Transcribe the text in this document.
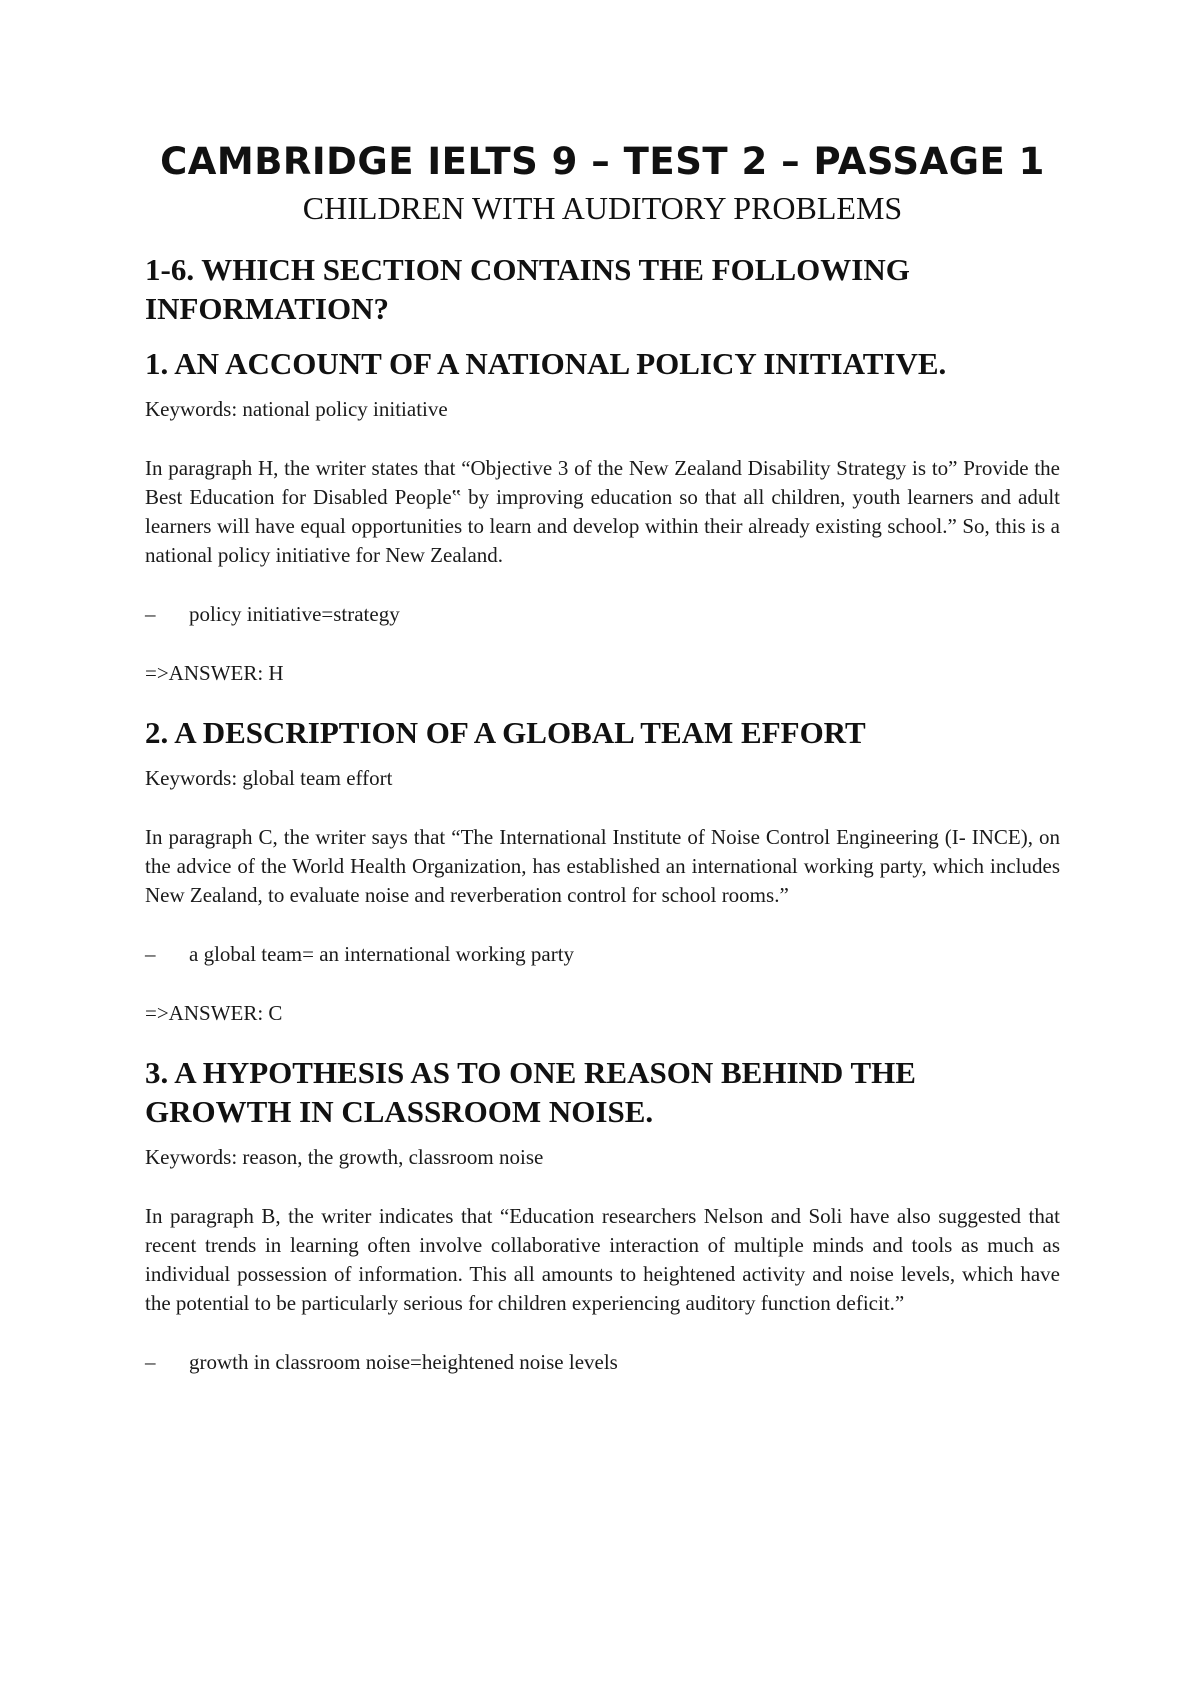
CAMBRIDGE IELTS 9 – TEST 2 – PASSAGE 1
CHILDREN WITH AUDITORY PROBLEMS
1-6. WHICH SECTION CONTAINS THE FOLLOWING INFORMATION?
1. AN ACCOUNT OF A NATIONAL POLICY INITIATIVE.

Keywords: national policy initiative

In paragraph H, the writer states that “Objective 3 of the New Zealand Disability Strategy is to” Provide the Best Education for Disabled People‟ by improving education so that all children, youth learners and adult learners will have equal opportunities to learn and develop within their already existing school.” So, this is a national policy initiative for New Zealand.

–	policy initiative=strategy

=>ANSWER: H

2. A DESCRIPTION OF A GLOBAL TEAM EFFORT

Keywords: global team effort

In paragraph C, the writer says that “The International Institute of Noise Control Engineering (I- INCE), on the advice of the World Health Organization, has established an international working party, which includes New Zealand, to evaluate noise and reverberation control for school rooms.”

–	a global team= an international working party

=>ANSWER: C

3. A HYPOTHESIS AS TO ONE REASON BEHIND THE GROWTH IN CLASSROOM NOISE.

Keywords: reason, the growth, classroom noise

In paragraph B, the writer indicates that “Education researchers Nelson and Soli have also suggested that recent trends in learning often involve collaborative interaction of multiple minds and tools as much as individual possession of information. This all amounts to heightened activity and noise levels, which have the potential to be particularly serious for children experiencing auditory function deficit.”

–	growth in classroom noise=heightened noise levels
